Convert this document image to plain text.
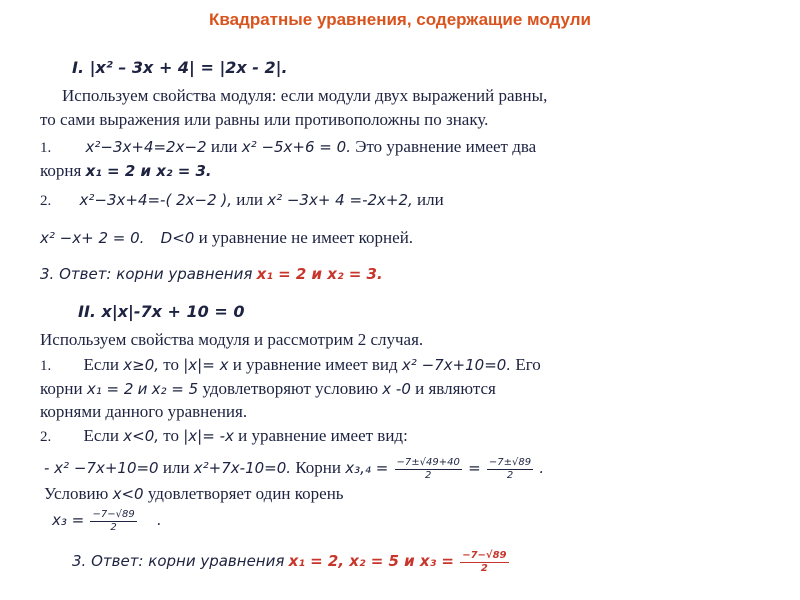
Квадратные уравнения, содержащие модули
I. |x² – 3x + 4| = |2x - 2|.
Используем свойства модуля: если модули двух выражений равны,
то сами выражения или равны или противоположны по знаку.
1. x²−3x+4=2x−2 или x² −5x+6 = 0. Это уравнение имеет два
корня x₁ = 2 и x₂ = 3.
2. x²−3x+4=-( 2x−2 ), или x² −3x+ 4 =-2x+2, или
x² −x+ 2 = 0. D<0 и уравнение не имеет корней.
3. Ответ: корни уравнения x₁ = 2 и x₂ = 3.
II. x|x|-7x + 10 = 0
Используем свойства модуля и рассмотрим 2 случая.
1. Если x≥0, то |x|= x и уравнение имеет вид x² −7x+10=0. Его
корни x₁ = 2 и x₂ = 5 удовлетворяют условию x -0 и являются
корнями данного уравнения.
2. Если x<0, то |x|= -x и уравнение имеет вид:
- x² −7x+10=0 или x²+7x-10=0. Корни $x_3,_4 = \frac{-7\pm√49+40}{2} = \frac{-7\pm√89}{2}$ .
Условию x<0 удовлетворяет один корень
$x_3 = \frac{-7-√89}{2}$ .
3. Ответ: корни уравнения x₁ = 2, x₂ = 5 и $x_3 = \frac{-7-√89}{2}$
